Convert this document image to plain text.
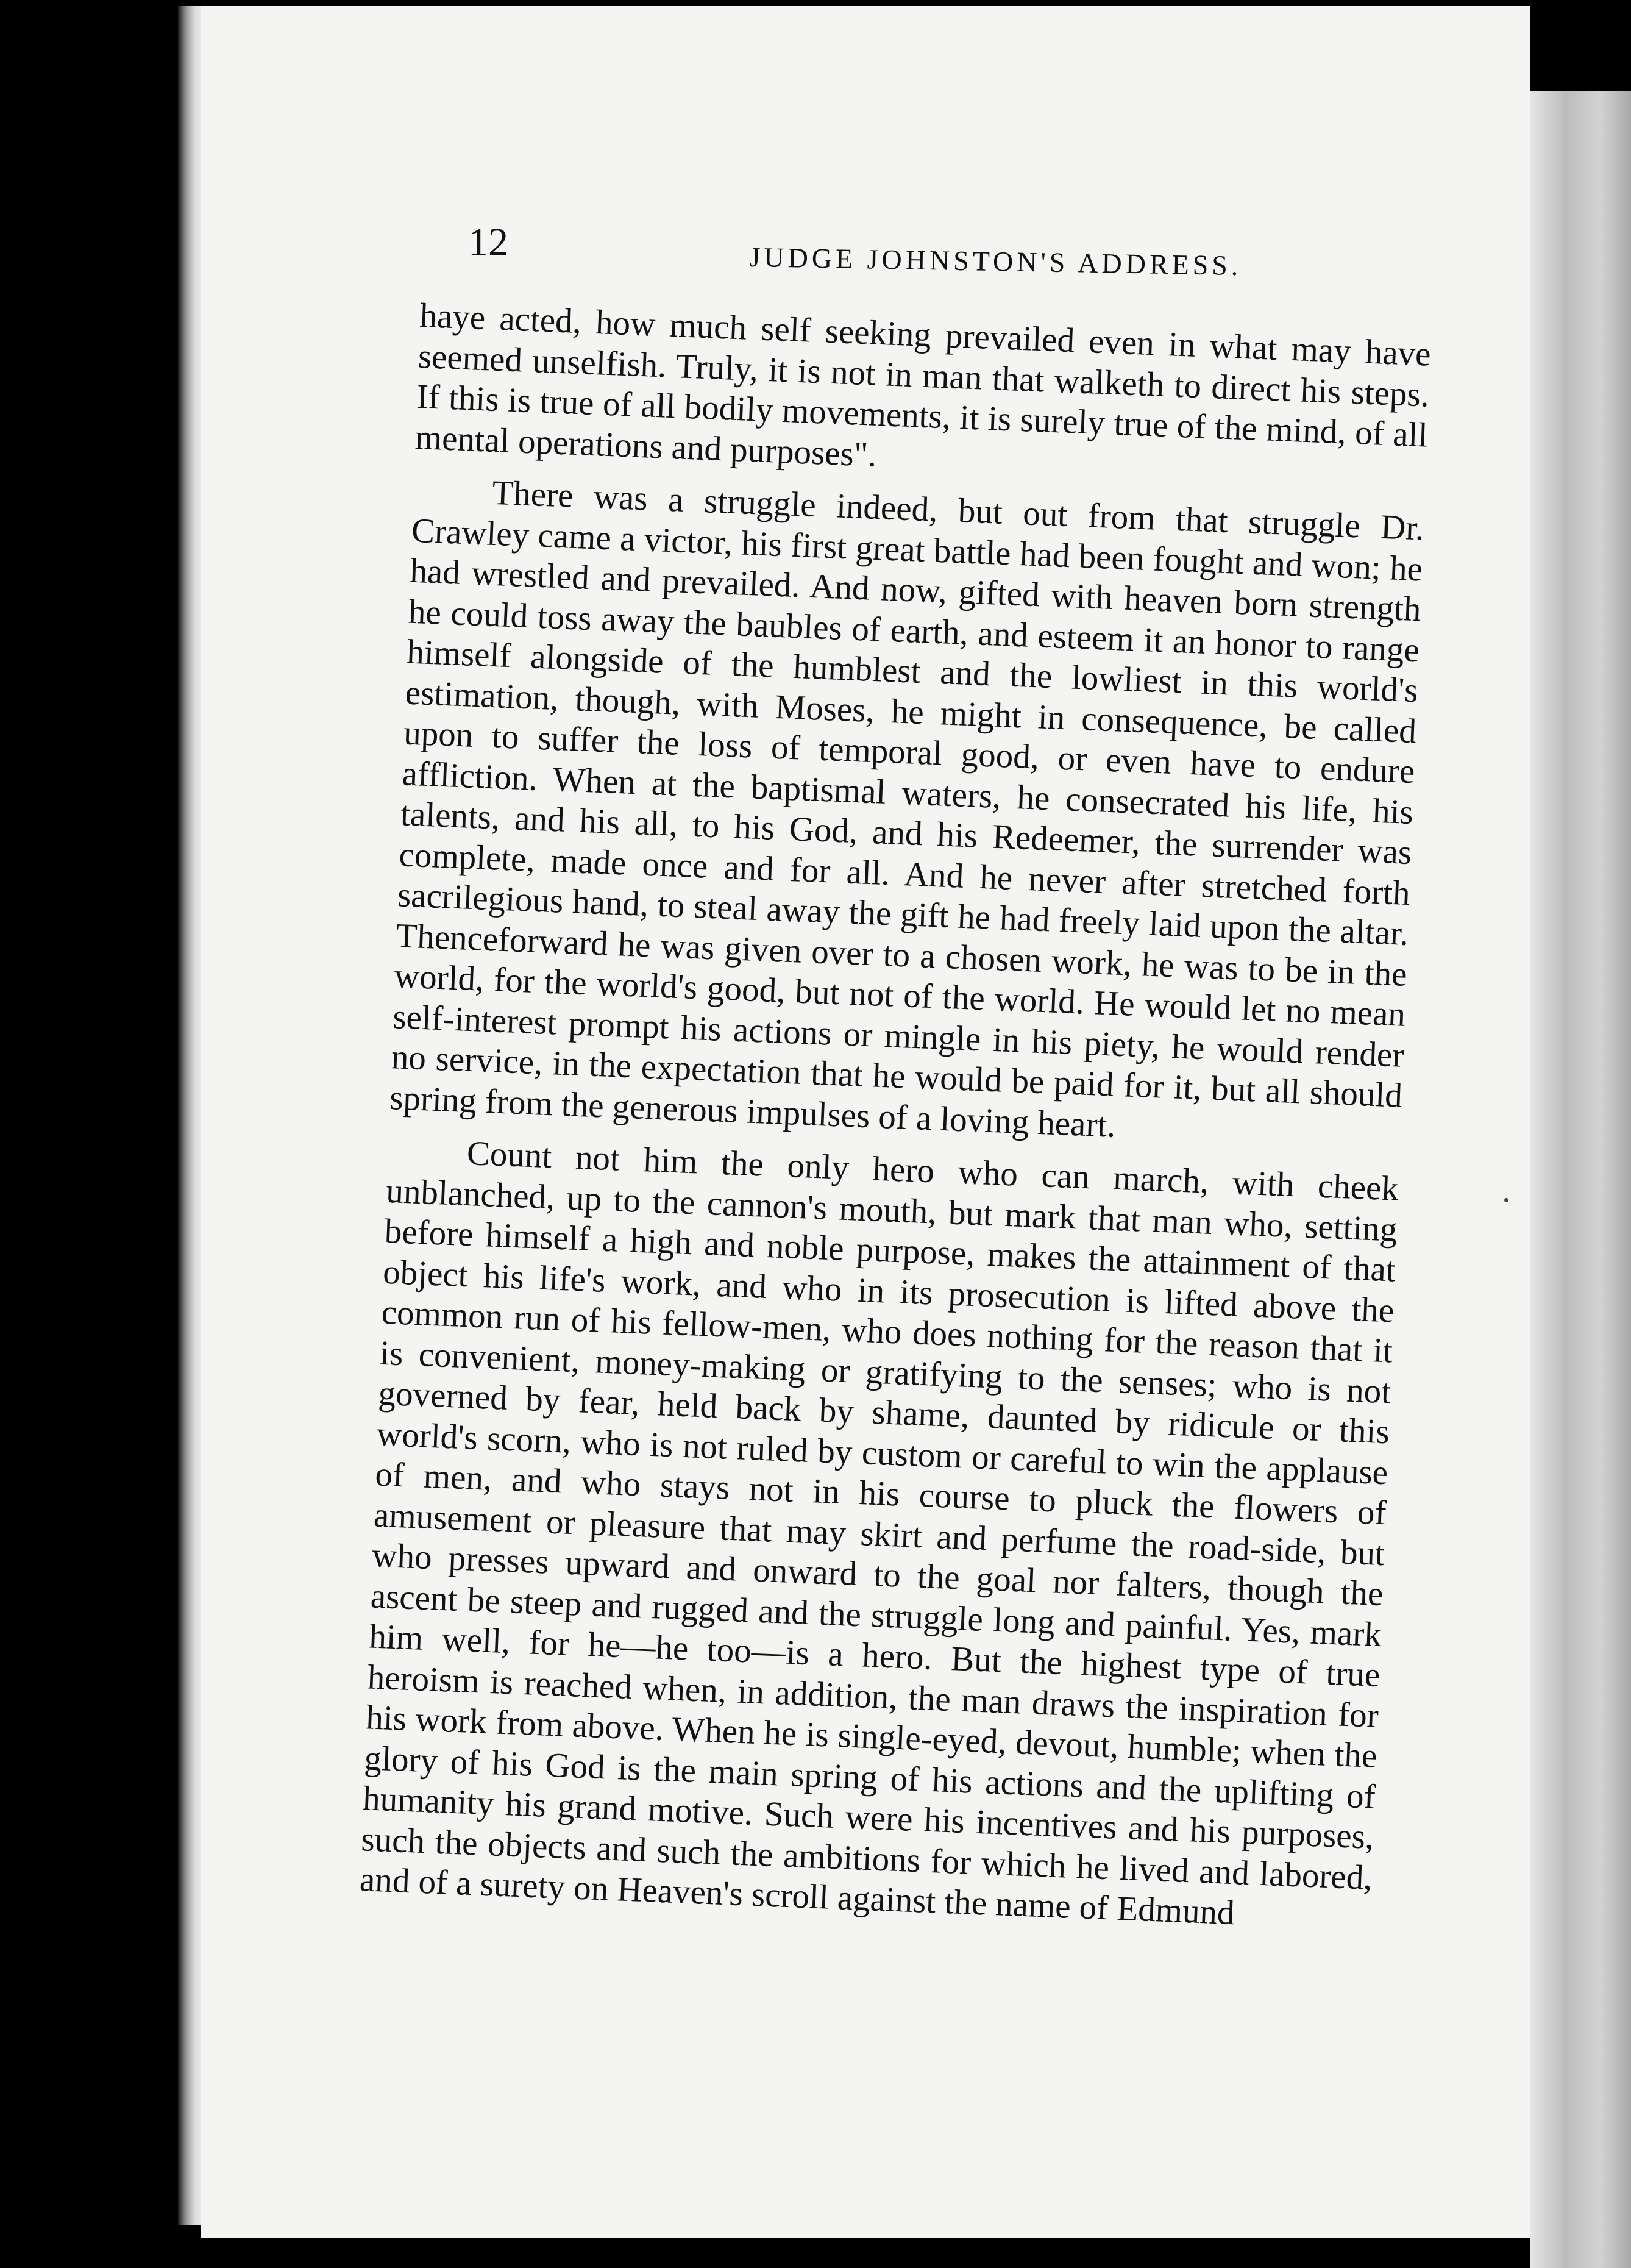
12	JUDGE JOHNSTON'S ADDRESS.

haye acted, how much self seeking prevailed even in what may have seemed unselfish. Truly, it is not in man that walketh to direct his steps. If this is true of all bodily movements, it is surely true of the mind, of all mental operations and purposes".

There was a struggle indeed, but out from that struggle Dr. Crawley came a victor, his first great battle had been fought and won; he had wrestled and prevailed. And now, gifted with heaven born strength he could toss away the baubles of earth, and esteem it an honor to range himself alongside of the humblest and the lowliest in this world's estimation, though, with Moses, he might in consequence, be called upon to suffer the loss of temporal good, or even have to endure affliction. When at the baptismal waters, he consecrated his life, his talents, and his all, to his God, and his Redeemer, the surrender was complete, made once and for all. And he never after stretched forth sacrilegious hand, to steal away the gift he had freely laid upon the altar. Thenceforward he was given over to a chosen work, he was to be in the world, for the world's good, but not of the world. He would let no mean self-interest prompt his actions or mingle in his piety, he would render no service, in the expectation that he would be paid for it, but all should spring from the generous impulses of a loving heart.

Count not him the only hero who can march, with cheek unblanched, up to the cannon's mouth, but mark that man who, setting before himself a high and noble purpose, makes the attainment of that object his life's work, and who in its prosecution is lifted above the common run of his fellow-men, who does nothing for the reason that it is convenient, money-making or gratifying to the senses; who is not governed by fear, held back by shame, daunted by ridicule or this world's scorn, who is not ruled by custom or careful to win the applause of men, and who stays not in his course to pluck the flowers of amusement or pleasure that may skirt and perfume the road-side, but who presses upward and onward to the goal nor falters, though the ascent be steep and rugged and the struggle long and painful. Yes, mark him well, for he—he too—is a hero. But the highest type of true heroism is reached when, in addition, the man draws the inspiration for his work from above. When he is single-eyed, devout, humble; when the glory of his God is the main spring of his actions and the uplifting of humanity his grand motive. Such were his incentives and his purposes, such the objects and such the ambitions for which he lived and labored, and of a surety on Heaven's scroll against the name of Edmund
